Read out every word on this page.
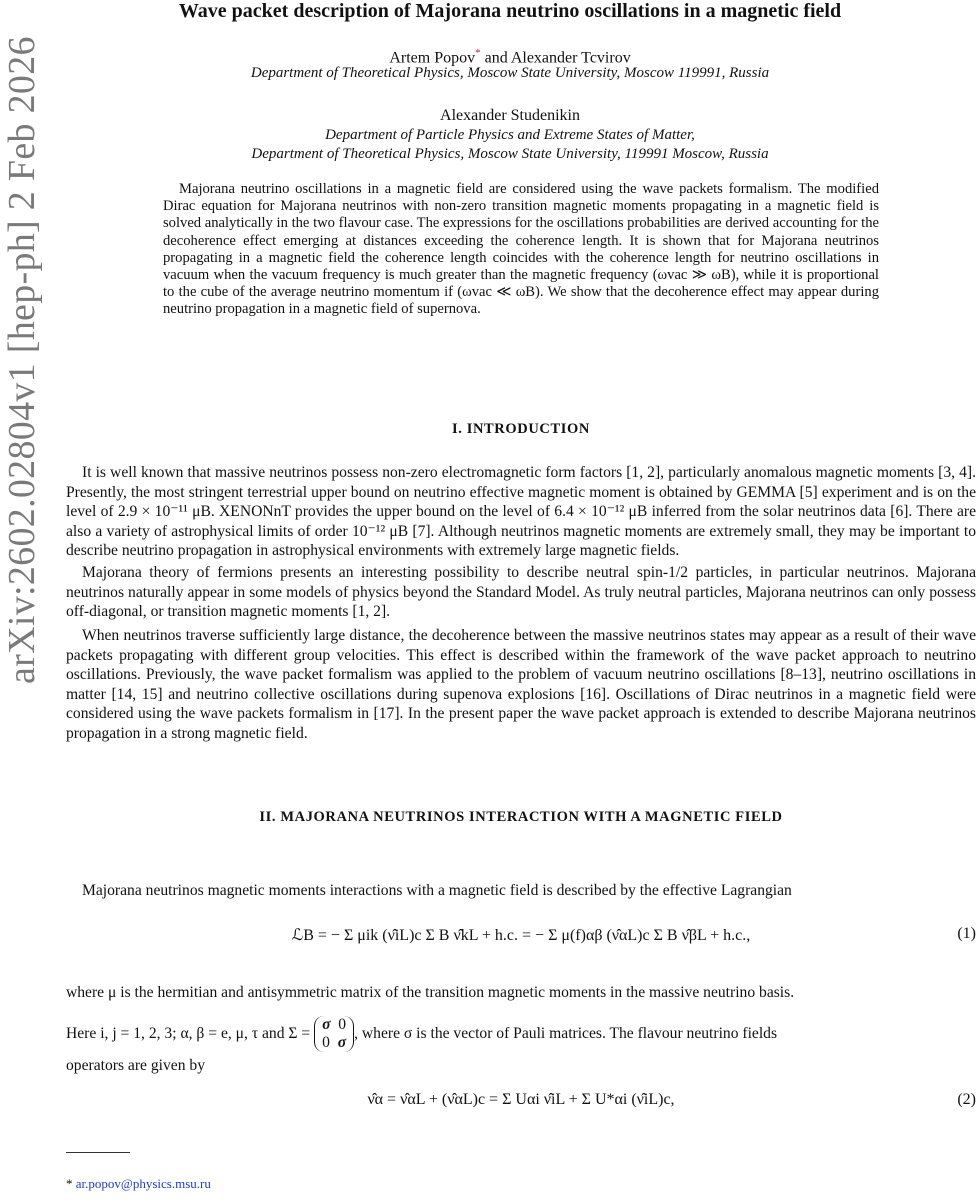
arXiv:2602.02804v1 [hep-ph] 2 Feb 2026
Wave packet description of Majorana neutrino oscillations in a magnetic field
Artem Popov* and Alexander Tcvirov
Department of Theoretical Physics, Moscow State University, Moscow 119991, Russia
Alexander Studenikin
Department of Particle Physics and Extreme States of Matter,
Department of Theoretical Physics, Moscow State University, 119991 Moscow, Russia
Majorana neutrino oscillations in a magnetic field are considered using the wave packets formalism. The modified Dirac equation for Majorana neutrinos with non-zero transition magnetic moments propagating in a magnetic field is solved analytically in the two flavour case. The expressions for the oscillations probabilities are derived accounting for the decoherence effect emerging at distances exceeding the coherence length. It is shown that for Majorana neutrinos propagating in a magnetic field the coherence length coincides with the coherence length for neutrino oscillations in vacuum when the vacuum frequency is much greater than the magnetic frequency (ωvac ≫ ωB), while it is proportional to the cube of the average neutrino momentum if (ωvac ≪ ωB). We show that the decoherence effect may appear during neutrino propagation in a magnetic field of supernova.
I. INTRODUCTION

It is well known that massive neutrinos possess non-zero electromagnetic form factors [1, 2], particularly anomalous magnetic moments [3, 4]. Presently, the most stringent terrestrial upper bound on neutrino effective magnetic moment is obtained by GEMMA [5] experiment and is on the level of 2.9 × 10⁻¹¹ μB. XENONnT provides the upper bound on the level of 6.4 × 10⁻¹² μB inferred from the solar neutrinos data [6]. There are also a variety of astrophysical limits of order 10⁻¹² μB [7]. Although neutrinos magnetic moments are extremely small, they may be important to describe neutrino propagation in astrophysical environments with extremely large magnetic fields.

Majorana theory of fermions presents an interesting possibility to describe neutral spin-1/2 particles, in particular neutrinos. Majorana neutrinos naturally appear in some models of physics beyond the Standard Model. As truly neutral particles, Majorana neutrinos can only possess off-diagonal, or transition magnetic moments [1, 2].

When neutrinos traverse sufficiently large distance, the decoherence between the massive neutrinos states may appear as a result of their wave packets propagating with different group velocities. This effect is described within the framework of the wave packet approach to neutrino oscillations. Previously, the wave packet formalism was applied to the problem of vacuum neutrino oscillations [8–13], neutrino oscillations in matter [14, 15] and neutrino collective oscillations during supenova explosions [16]. Oscillations of Dirac neutrinos in a magnetic field were considered using the wave packets formalism in [17]. In the present paper the wave packet approach is extended to describe Majorana neutrinos propagation in a strong magnetic field.

II. MAJORANA NEUTRINOS INTERACTION WITH A MAGNETIC FIELD

Majorana neutrinos magnetic moments interactions with a magnetic field is described by the effective Lagrangian

ℒB = − Σ μik (ν̂iL)c Σ B ν̂kL + h.c. = − Σ μ(f)αβ (ν̂αL)c Σ B ν̂βL + h.c.,	(1)

where μ is the hermitian and antisymmetric matrix of the transition magnetic moments in the massive neutrino basis.

Here i, j = 1, 2, 3; α, β = e, μ, τ and Σ = σ  0
0  σ, where σ is the vector of Pauli matrices. The flavour neutrino fields

operators are given by

ν̂α = ν̂αL + (ν̂αL)c = Σ Uαi ν̂iL + Σ U*αi (ν̂iL)c,	(2)
* ar.popov@physics.msu.ru
